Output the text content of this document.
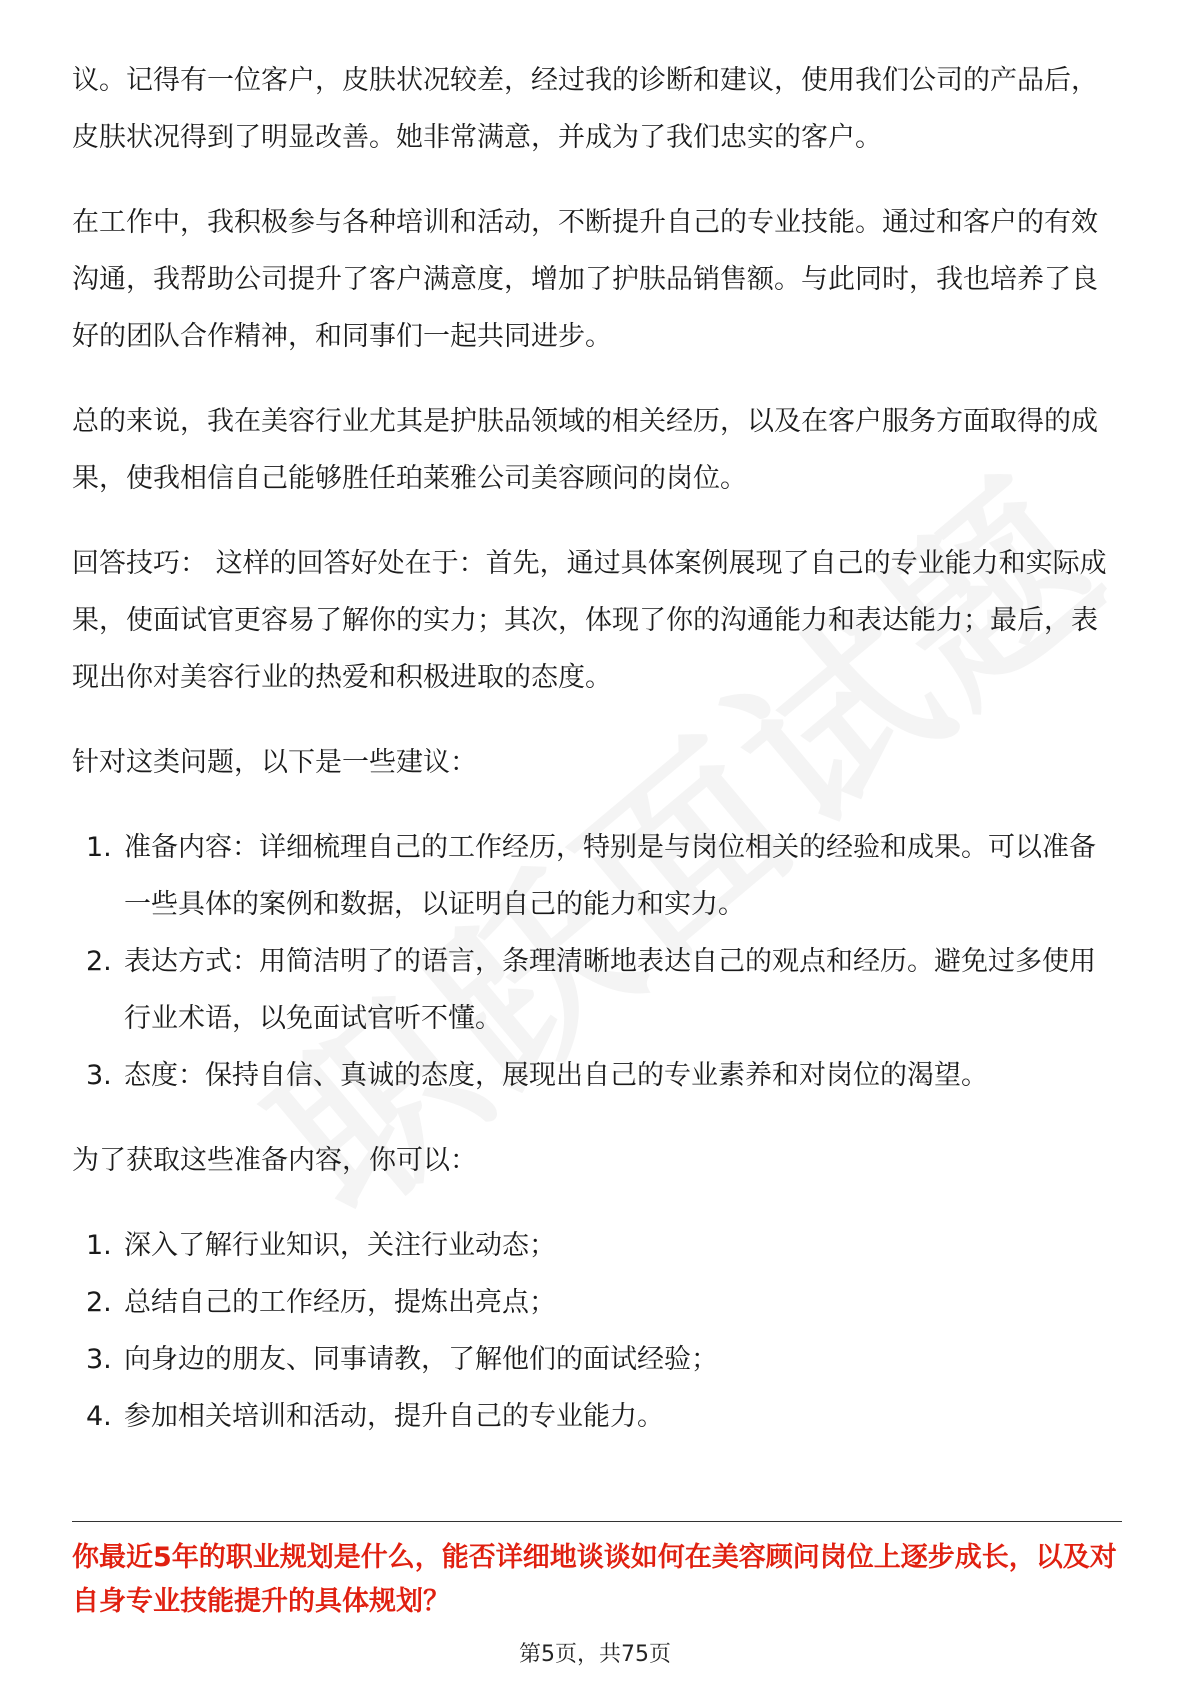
议。记得有一位客户，皮肤状况较差，经过我的诊断和建议，使用我们公司的产品后，皮肤状况得到了明显改善。她非常满意，并成为了我们忠实的客户。

在工作中，我积极参与各种培训和活动，不断提升自己的专业技能。通过和客户的有效沟通，我帮助公司提升了客户满意度，增加了护肤品销售额。与此同时，我也培养了良好的团队合作精神，和同事们一起共同进步。

总的来说，我在美容行业尤其是护肤品领域的相关经历，以及在客户服务方面取得的成果，使我相信自己能够胜任珀莱雅公司美容顾问的岗位。

回答技巧： 这样的回答好处在于：首先，通过具体案例展现了自己的专业能力和实际成果，使面试官更容易了解你的实力；其次，体现了你的沟通能力和表达能力；最后，表现出你对美容行业的热爱和积极进取的态度。

针对这类问题，以下是一些建议：

1. 准备内容：详细梳理自己的工作经历，特别是与岗位相关的经验和成果。可以准备一些具体的案例和数据，以证明自己的能力和实力。
2. 表达方式：用简洁明了的语言，条理清晰地表达自己的观点和经历。避免过多使用行业术语，以免面试官听不懂。
3. 态度：保持自信、真诚的态度，展现出自己的专业素养和对岗位的渴望。

为了获取这些准备内容，你可以：

1. 深入了解行业知识，关注行业动态；
2. 总结自己的工作经历，提炼出亮点；
3. 向身边的朋友、同事请教，了解他们的面试经验；
4. 参加相关培训和活动，提升自己的专业能力。
你最近5年的职业规划是什么，能否详细地谈谈如何在美容顾问岗位上逐步成长，以及对自身专业技能提升的具体规划？
第5页，共75页
